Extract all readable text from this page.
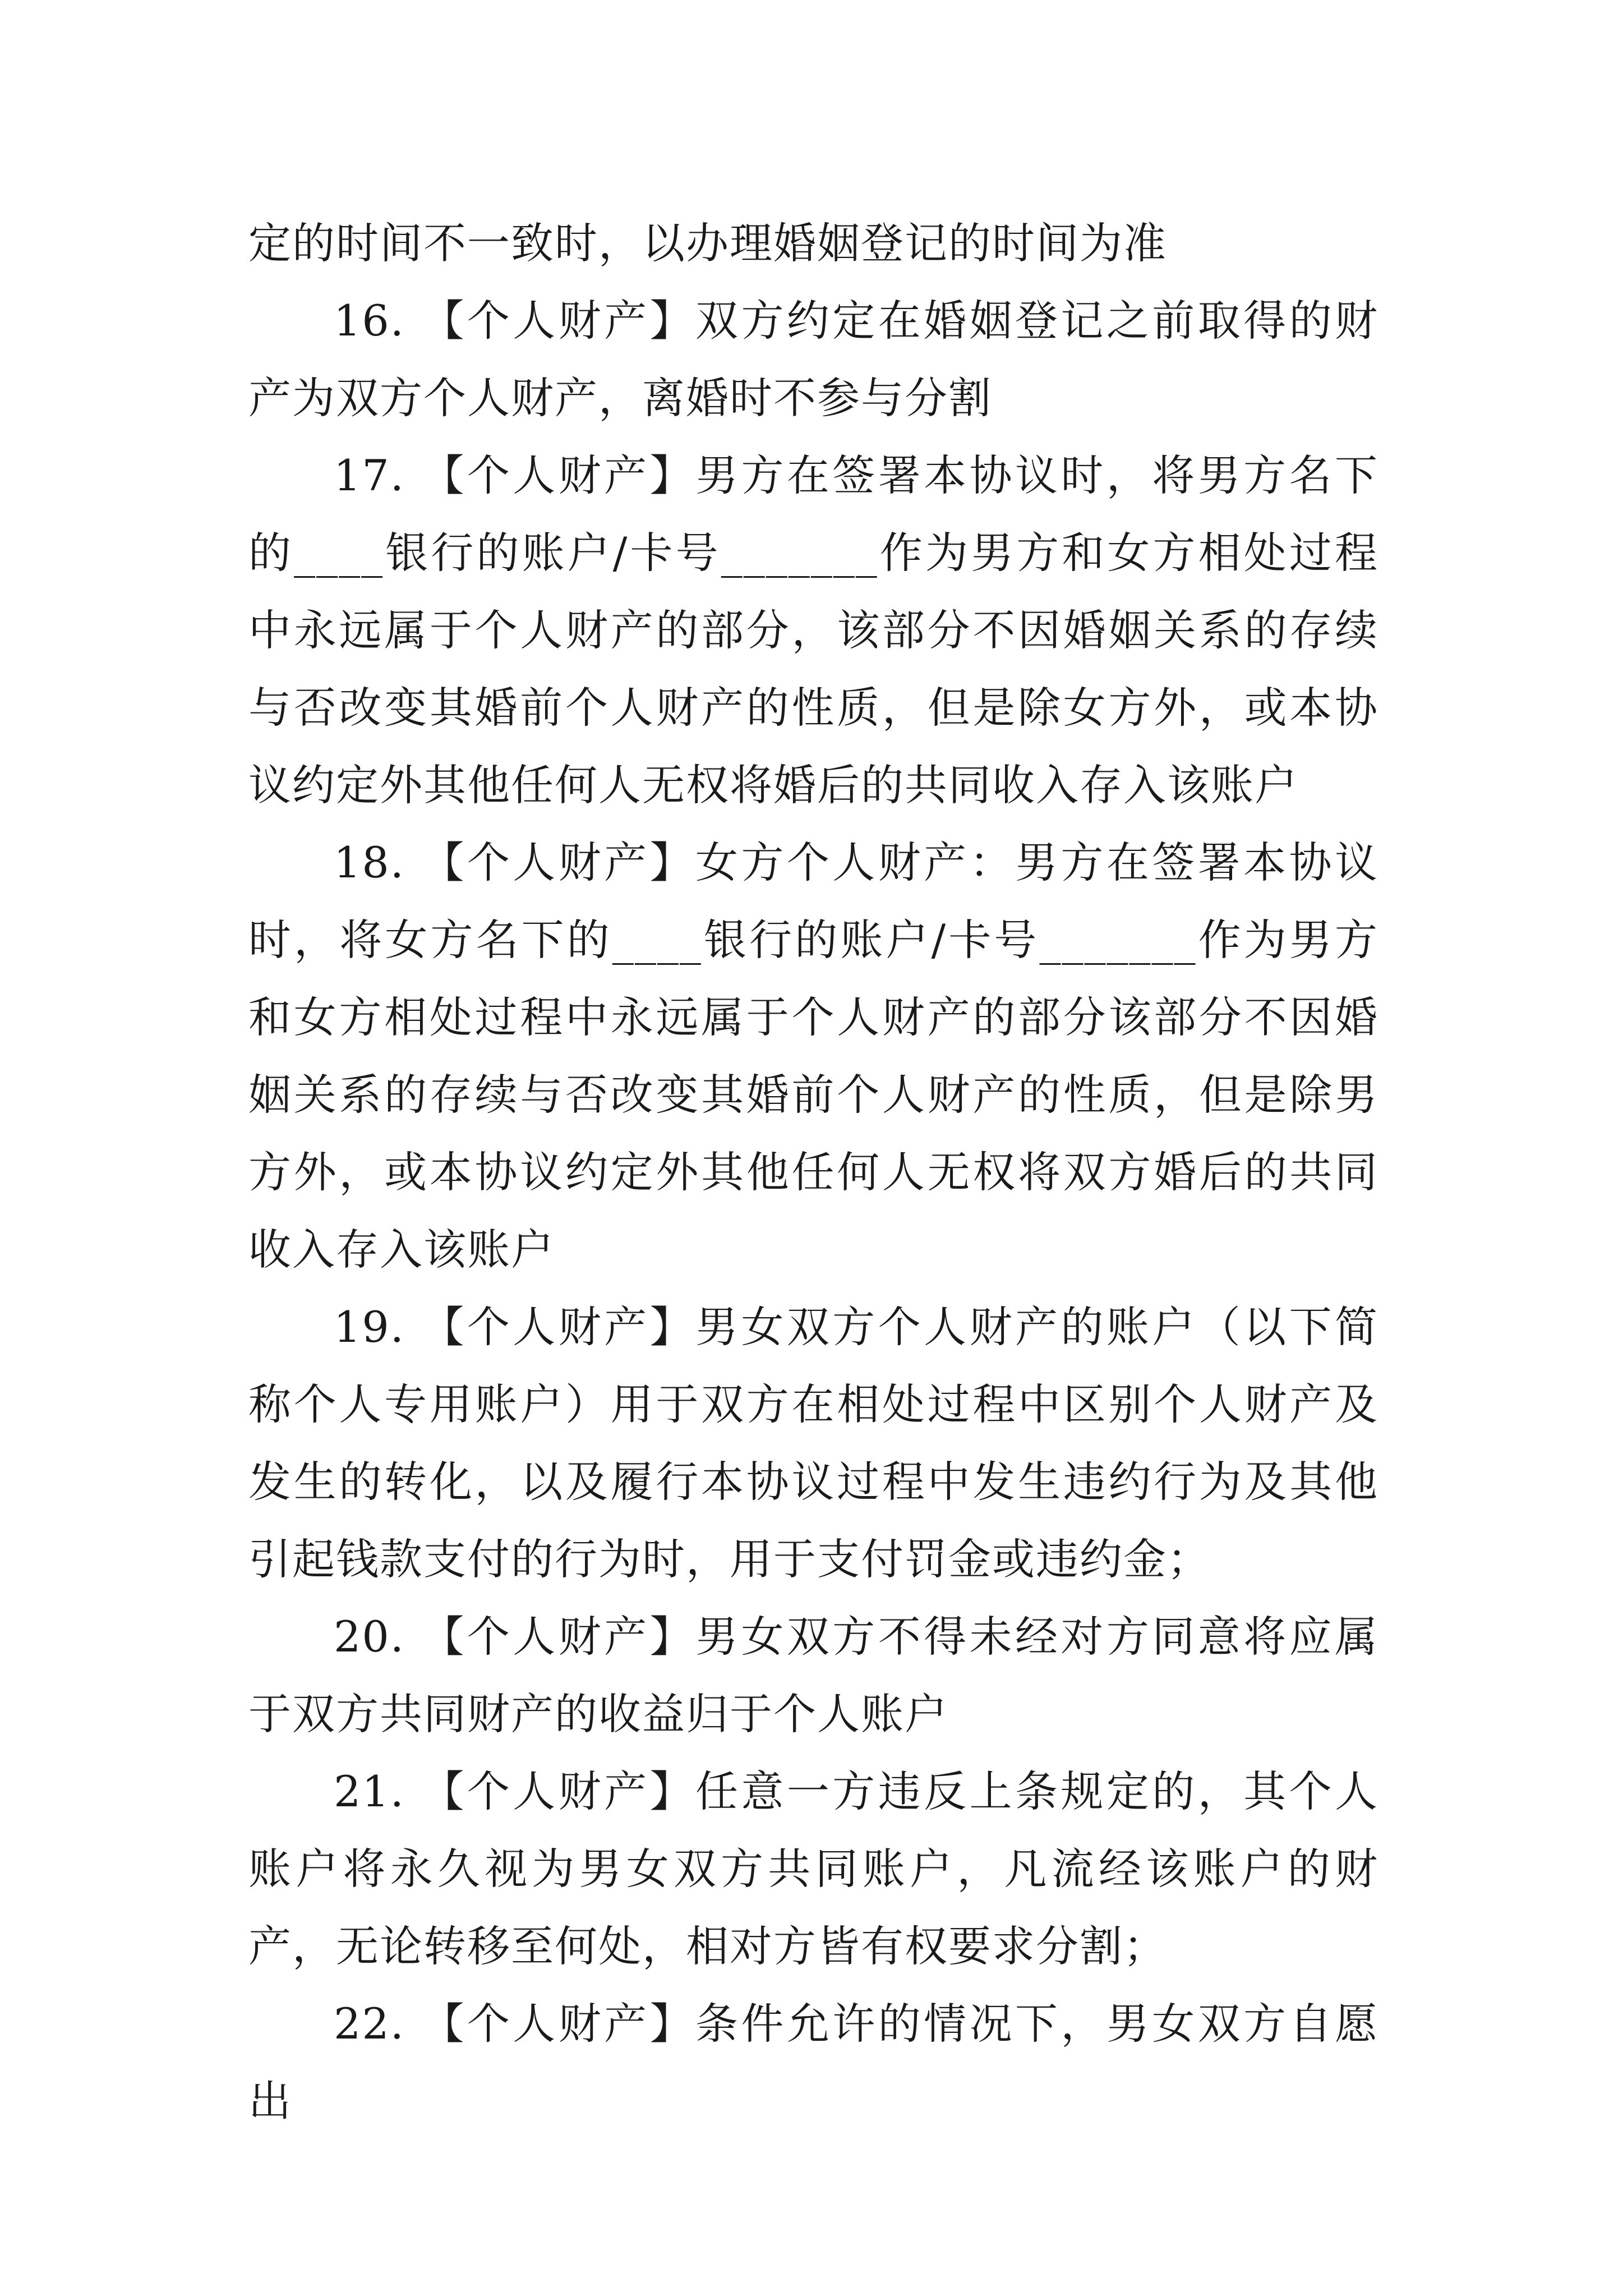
定的时间不一致时，以办理婚姻登记的时间为准

16. 【个人财产】双方约定在婚姻登记之前取得的财产为双方个人财产，离婚时不参与分割

17. 【个人财产】男方在签署本协议时，将男方名下的____银行的账户/卡号_______作为男方和女方相处过程中永远属于个人财产的部分，该部分不因婚姻关系的存续与否改变其婚前个人财产的性质，但是除女方外，或本协议约定外其他任何人无权将婚后的共同收入存入该账户

18. 【个人财产】女方个人财产：男方在签署本协议时，将女方名下的____银行的账户/卡号_______作为男方和女方相处过程中永远属于个人财产的部分该部分不因婚姻关系的存续与否改变其婚前个人财产的性质，但是除男方外，或本协议约定外其他任何人无权将双方婚后的共同收入存入该账户

19. 【个人财产】男女双方个人财产的账户（以下简称个人专用账户）用于双方在相处过程中区别个人财产及发生的转化，以及履行本协议过程中发生违约行为及其他引起钱款支付的行为时，用于支付罚金或违约金；

20. 【个人财产】男女双方不得未经对方同意将应属于双方共同财产的收益归于个人账户

21. 【个人财产】任意一方违反上条规定的，其个人账户将永久视为男女双方共同账户，凡流经该账户的财产，无论转移至何处，相对方皆有权要求分割；

22. 【个人财产】条件允许的情况下，男女双方自愿出
